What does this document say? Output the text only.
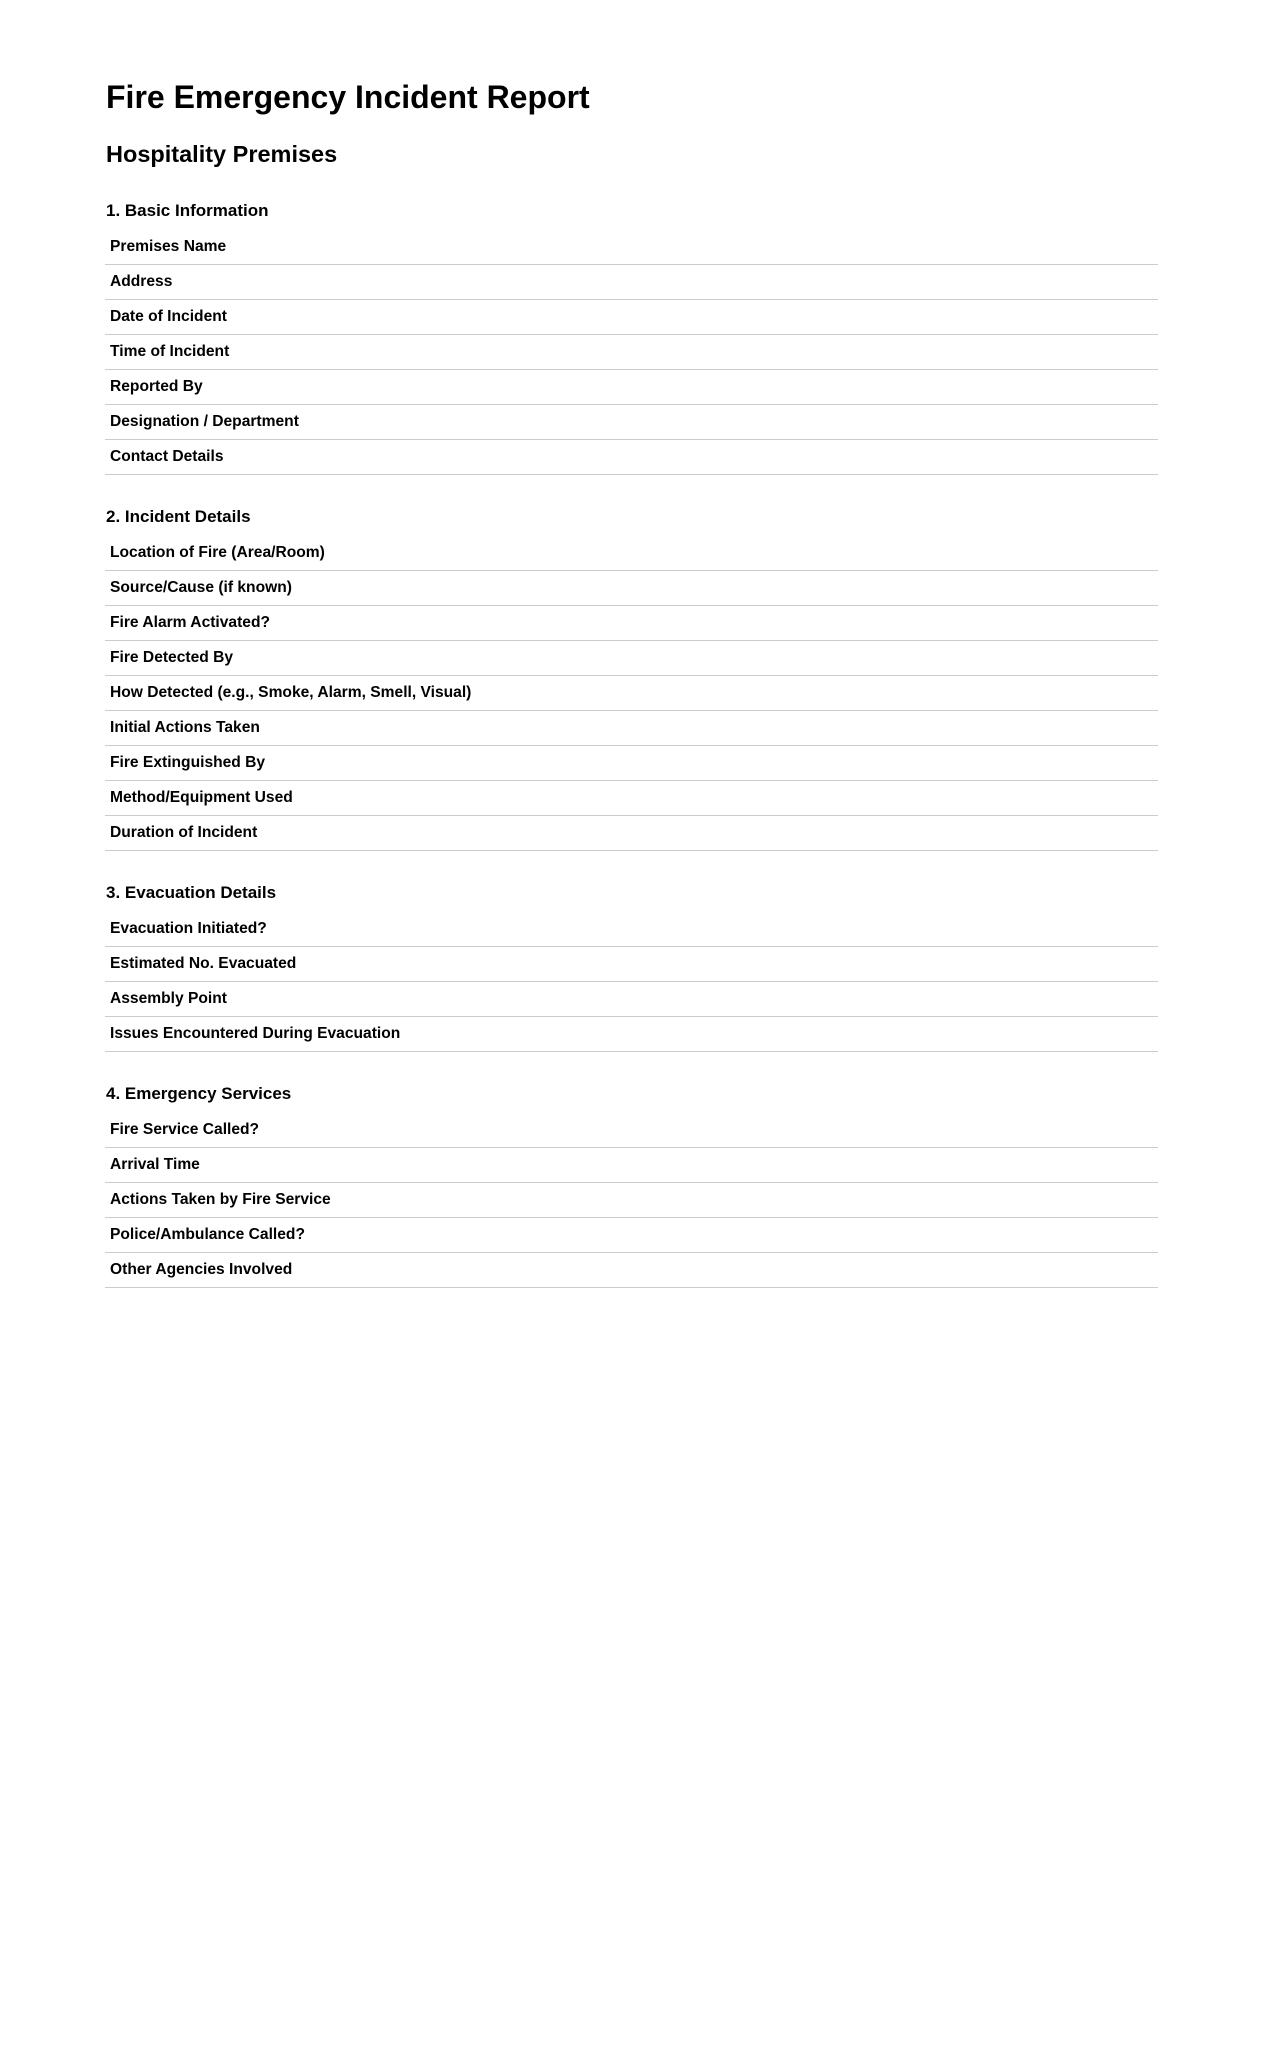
Fire Emergency Incident Report
Hospitality Premises
1. Basic Information
Premises Name
Address
Date of Incident
Time of Incident
Reported By
Designation / Department
Contact Details
2. Incident Details
Location of Fire (Area/Room)
Source/Cause (if known)
Fire Alarm Activated?
Fire Detected By
How Detected (e.g., Smoke, Alarm, Smell, Visual)
Initial Actions Taken
Fire Extinguished By
Method/Equipment Used
Duration of Incident
3. Evacuation Details
Evacuation Initiated?
Estimated No. Evacuated
Assembly Point
Issues Encountered During Evacuation
4. Emergency Services
Fire Service Called?
Arrival Time
Actions Taken by Fire Service
Police/Ambulance Called?
Other Agencies Involved
